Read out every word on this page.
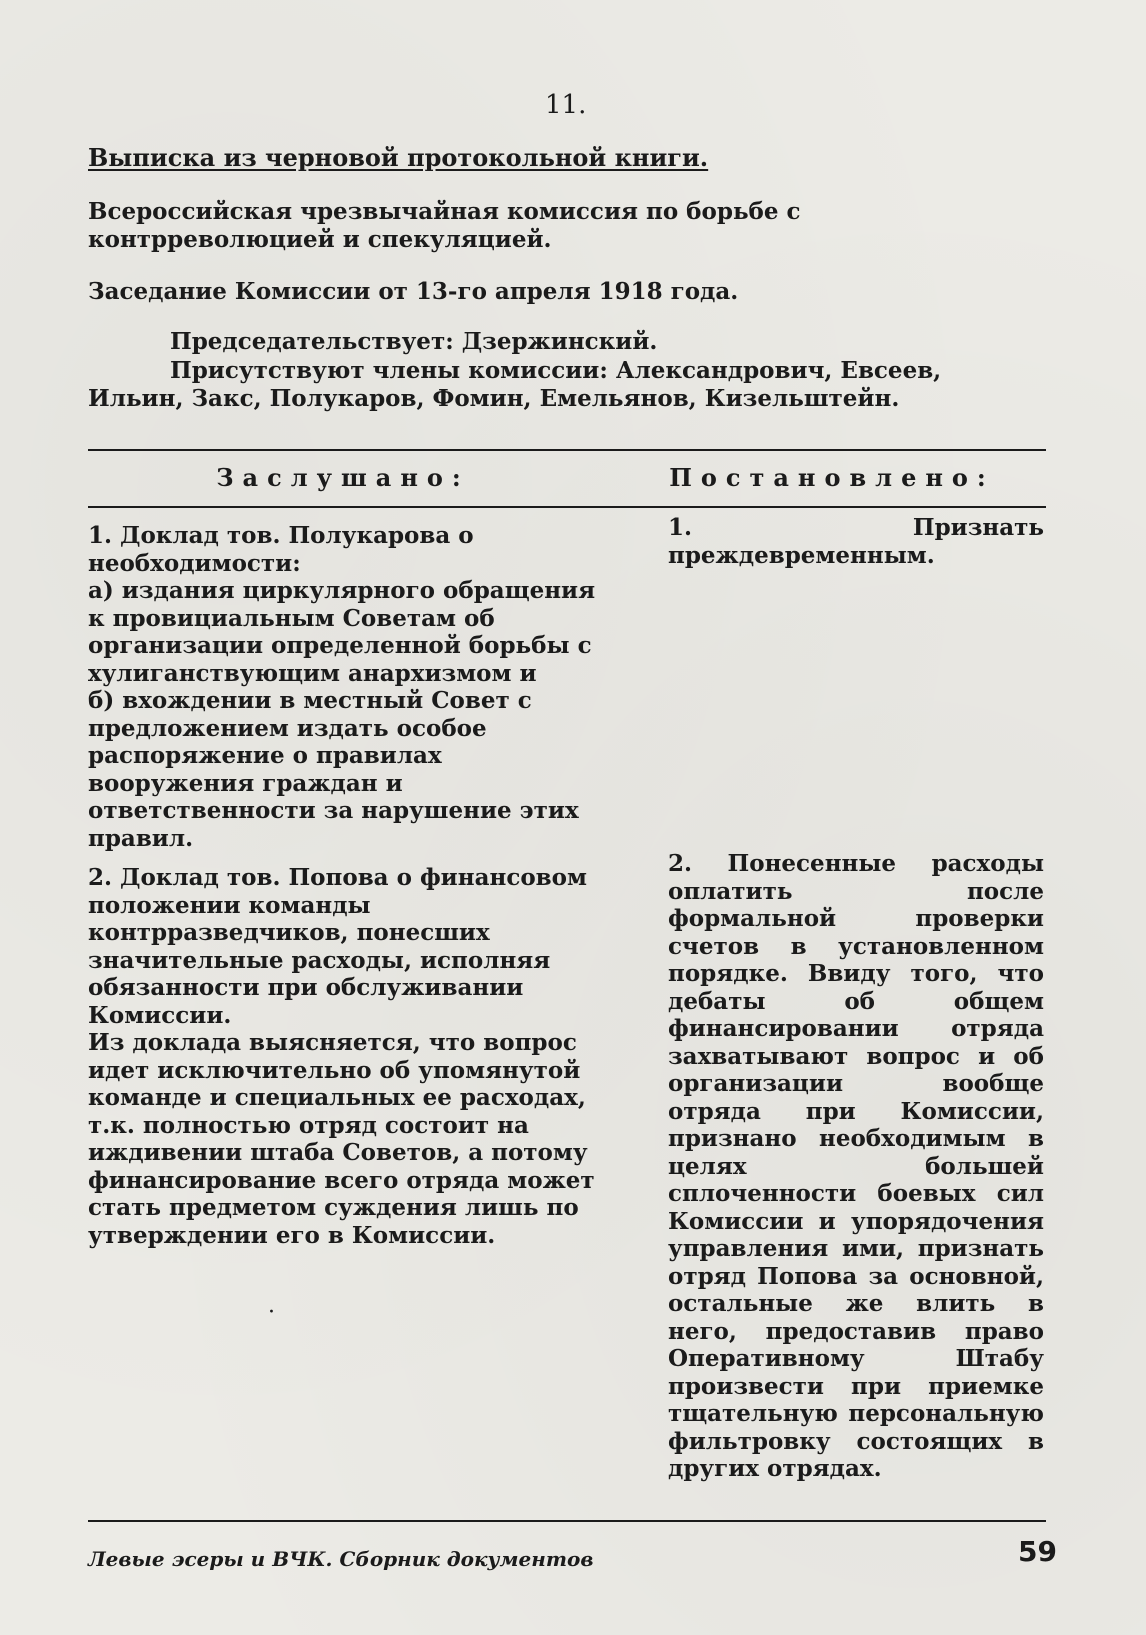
11.
Выписка из черновой протокольной книги.
Всероссийская чрезвычайная комиссия по борьбе с
контрреволюцией и спекуляцией.
Заседание Комиссии от 13-го апреля 1918 года.
Председательствует: Дзержинский.
Присутствуют члены комиссии: Александрович, Евсеев, Ильин, Закс, Полукаров, Фомин, Емельянов, Кизельштейн.
Заслушано:	Постановлено:

1. Доклад тов. Полукарова о необходимости:

а) издания циркулярного обращения к провициальным Советам об организации определенной борьбы с хулиганствующим анархизмом и

б) вхождении в местный Совет с предложением издать особое распоряжение о правилах вооружения граждан и ответственности за нарушение этих правил.

2. Доклад тов. Попова о финансовом положении команды контрразведчиков, понесших значительные расходы, исполняя обязанности при обслуживании Комиссии.

Из доклада выясняется, что вопрос идет исключительно об упомянутой команде и специальных ее расходах, т.к. полностью отряд состоит на иждивении штаба Советов, а потому финансирование всего отряда может стать предметом суждения лишь по утверждении его в Комиссии.

1. Признать преждевременным.
2. Понесенные расходы оплатить после формальной проверки счетов в установленном порядке. Ввиду того, что дебаты об общем финансировании отряда захватывают вопрос и об организации вообще отряда при Комиссии, признано необходимым в целях большей сплоченности боевых сил Комиссии и упорядочения управления ими, признать отряд Попова за основной, остальные же влить в него, предоставив право Оперативному Штабу произвести при приемке тщательную персональную фильтровку состоящих в других отрядах.
·
Левые эсеры и ВЧК. Сборник документов	59
